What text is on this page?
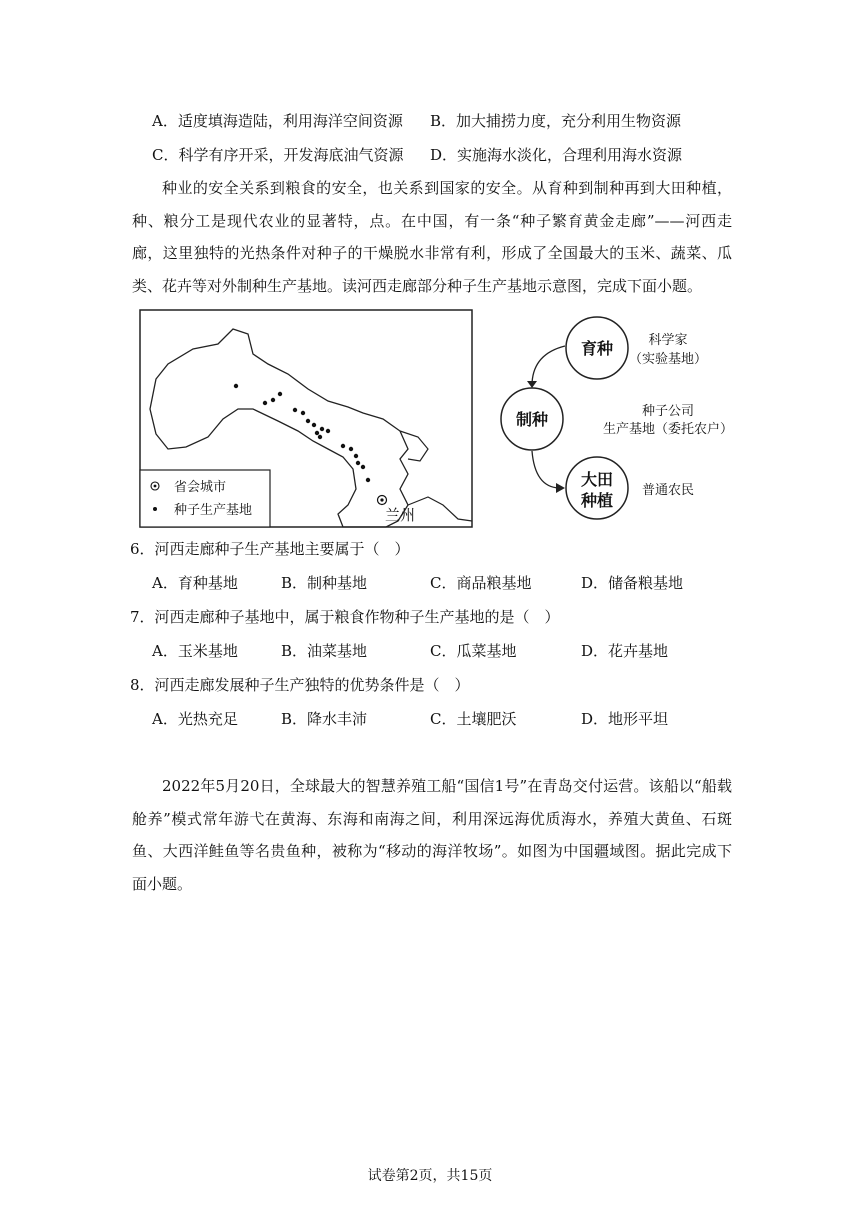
A．适度填海造陆，利用海洋空间资源 B．加大捕捞力度，充分利用生物资源
C．科学有序开采，开发海底油气资源 D．实施海水淡化，合理利用海水资源

种业的安全关系到粮食的安全，也关系到国家的安全。从育种到制种再到大田种植，种、粮分工是现代农业的显著特，点。在中国，有一条“种子繁育黄金走廊”——河西走廊，这里独特的光热条件对种子的干燥脱水非常有利，形成了全国最大的玉米、蔬菜、瓜类、花卉等对外制种生产基地。读河西走廊部分种子生产基地示意图，完成下面小题。

兰州
省会城市
种子生产基地
育种
制种
大田
种植
科学家
（实验基地）
种子公司
生产基地（委托农户）
普通农民
6．河西走廊种子生产基地主要属于（　）
A．育种基地	B．制种基地	C．商品粮基地	D．储备粮基地
7．河西走廊种子基地中，属于粮食作物种子生产基地的是（　）
A．玉米基地	B．油菜基地	C．瓜菜基地	D．花卉基地
8．河西走廊发展种子生产独特的优势条件是（　）
A．光热充足	B．降水丰沛	C．土壤肥沃	D．地形平坦

2022年5月20日，全球最大的智慧养殖工船“国信1号”在青岛交付运营。该船以“船载舱养”模式常年游弋在黄海、东海和南海之间，利用深远海优质海水，养殖大黄鱼、石斑鱼、大西洋鲑鱼等名贵鱼种，被称为“移动的海洋牧场”。如图为中国疆域图。据此完成下面小题。

试卷第2页，共15页
